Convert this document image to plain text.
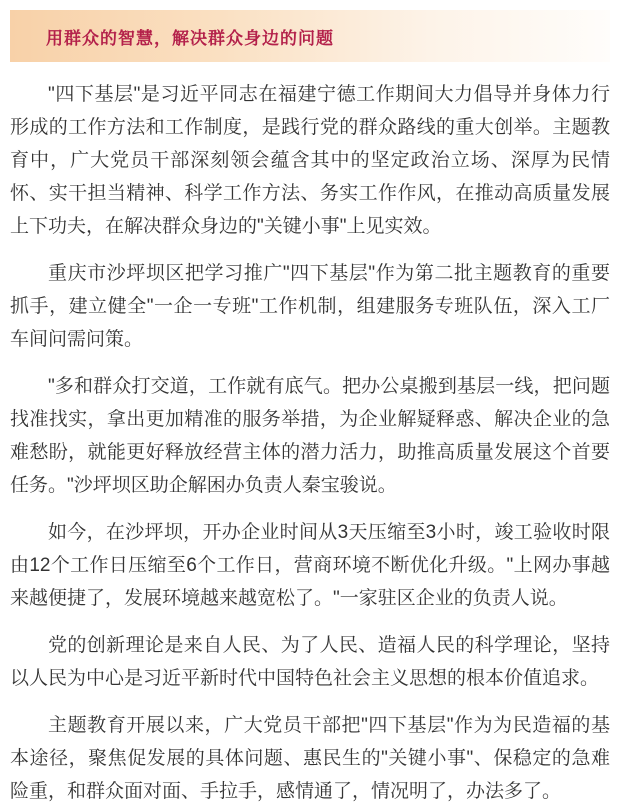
用群众的智慧，解决群众身边的问题

"四下基层"是习近平同志在福建宁德工作期间大力倡导并身体力行形成的工作方法和工作制度，是践行党的群众路线的重大创举。主题教育中，广大党员干部深刻领会蕴含其中的坚定政治立场、深厚为民情怀、实干担当精神、科学工作方法、务实工作作风，在推动高质量发展上下功夫，在解决群众身边的"关键小事"上见实效。

重庆市沙坪坝区把学习推广"四下基层"作为第二批主题教育的重要抓手，建立健全"一企一专班"工作机制，组建服务专班队伍，深入工厂车间问需问策。

"多和群众打交道，工作就有底气。把办公桌搬到基层一线，把问题找准找实，拿出更加精准的服务举措，为企业解疑释惑、解决企业的急难愁盼，就能更好释放经营主体的潜力活力，助推高质量发展这个首要任务。"沙坪坝区助企解困办负责人秦宝骏说。

如今，在沙坪坝，开办企业时间从3天压缩至3小时，竣工验收时限由12个工作日压缩至6个工作日，营商环境不断优化升级。"上网办事越来越便捷了，发展环境越来越宽松了。"一家驻区企业的负责人说。

党的创新理论是来自人民、为了人民、造福人民的科学理论，坚持以人民为中心是习近平新时代中国特色社会主义思想的根本价值追求。

主题教育开展以来，广大党员干部把"四下基层"作为为民造福的基本途径，聚焦促发展的具体问题、惠民生的"关键小事"、保稳定的急难险重，和群众面对面、手拉手，感情通了，情况明了，办法多了。
